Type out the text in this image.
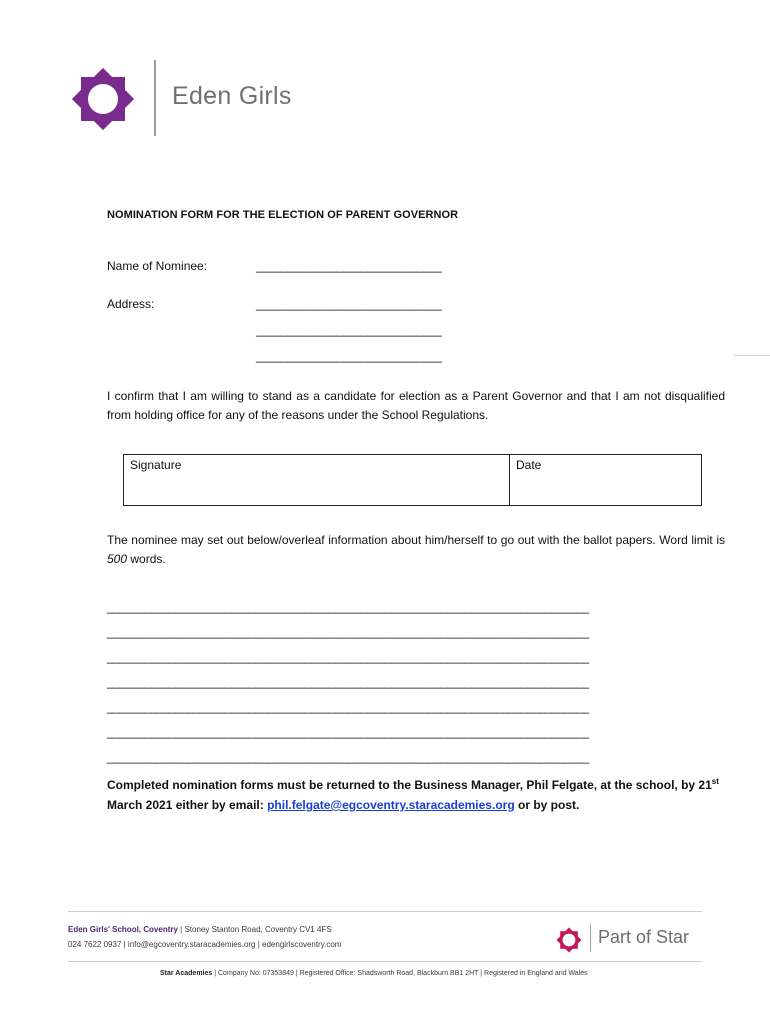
Eden Girls
NOMINATION FORM FOR THE ELECTION OF PARENT GOVERNOR
Name of Nominee:	______________________________
Address:	______________________________
______________________________
______________________________
I confirm that I am willing to stand as a candidate for election as a Parent Governor and that I am not disqualified from holding office for any of the reasons under the School Regulations.
Signature	Date
The nominee may set out below/overleaf information about him/herself to go out with the ballot papers. Word limit is 500 words.
______________________________________________________________________________
______________________________________________________________________________
______________________________________________________________________________
______________________________________________________________________________
______________________________________________________________________________
______________________________________________________________________________
______________________________________________________________________________
Completed nomination forms must be returned to the Business Manager, Phil Felgate, at the school, by 21st March 2021 either by email: phil.felgate@egcoventry.staracademies.org or by post.
Eden Girls' School, Coventry | Stoney Stanton Road, Coventry CV1 4FS
024 7622 0937 | info@egcoventry.staracademies.org | edengirlscoventry.com	Part of Star
Star Academies | Company No: 07353849 | Registered Office: Shadsworth Road, Blackburn BB1 2HT | Registered in England and Wales
